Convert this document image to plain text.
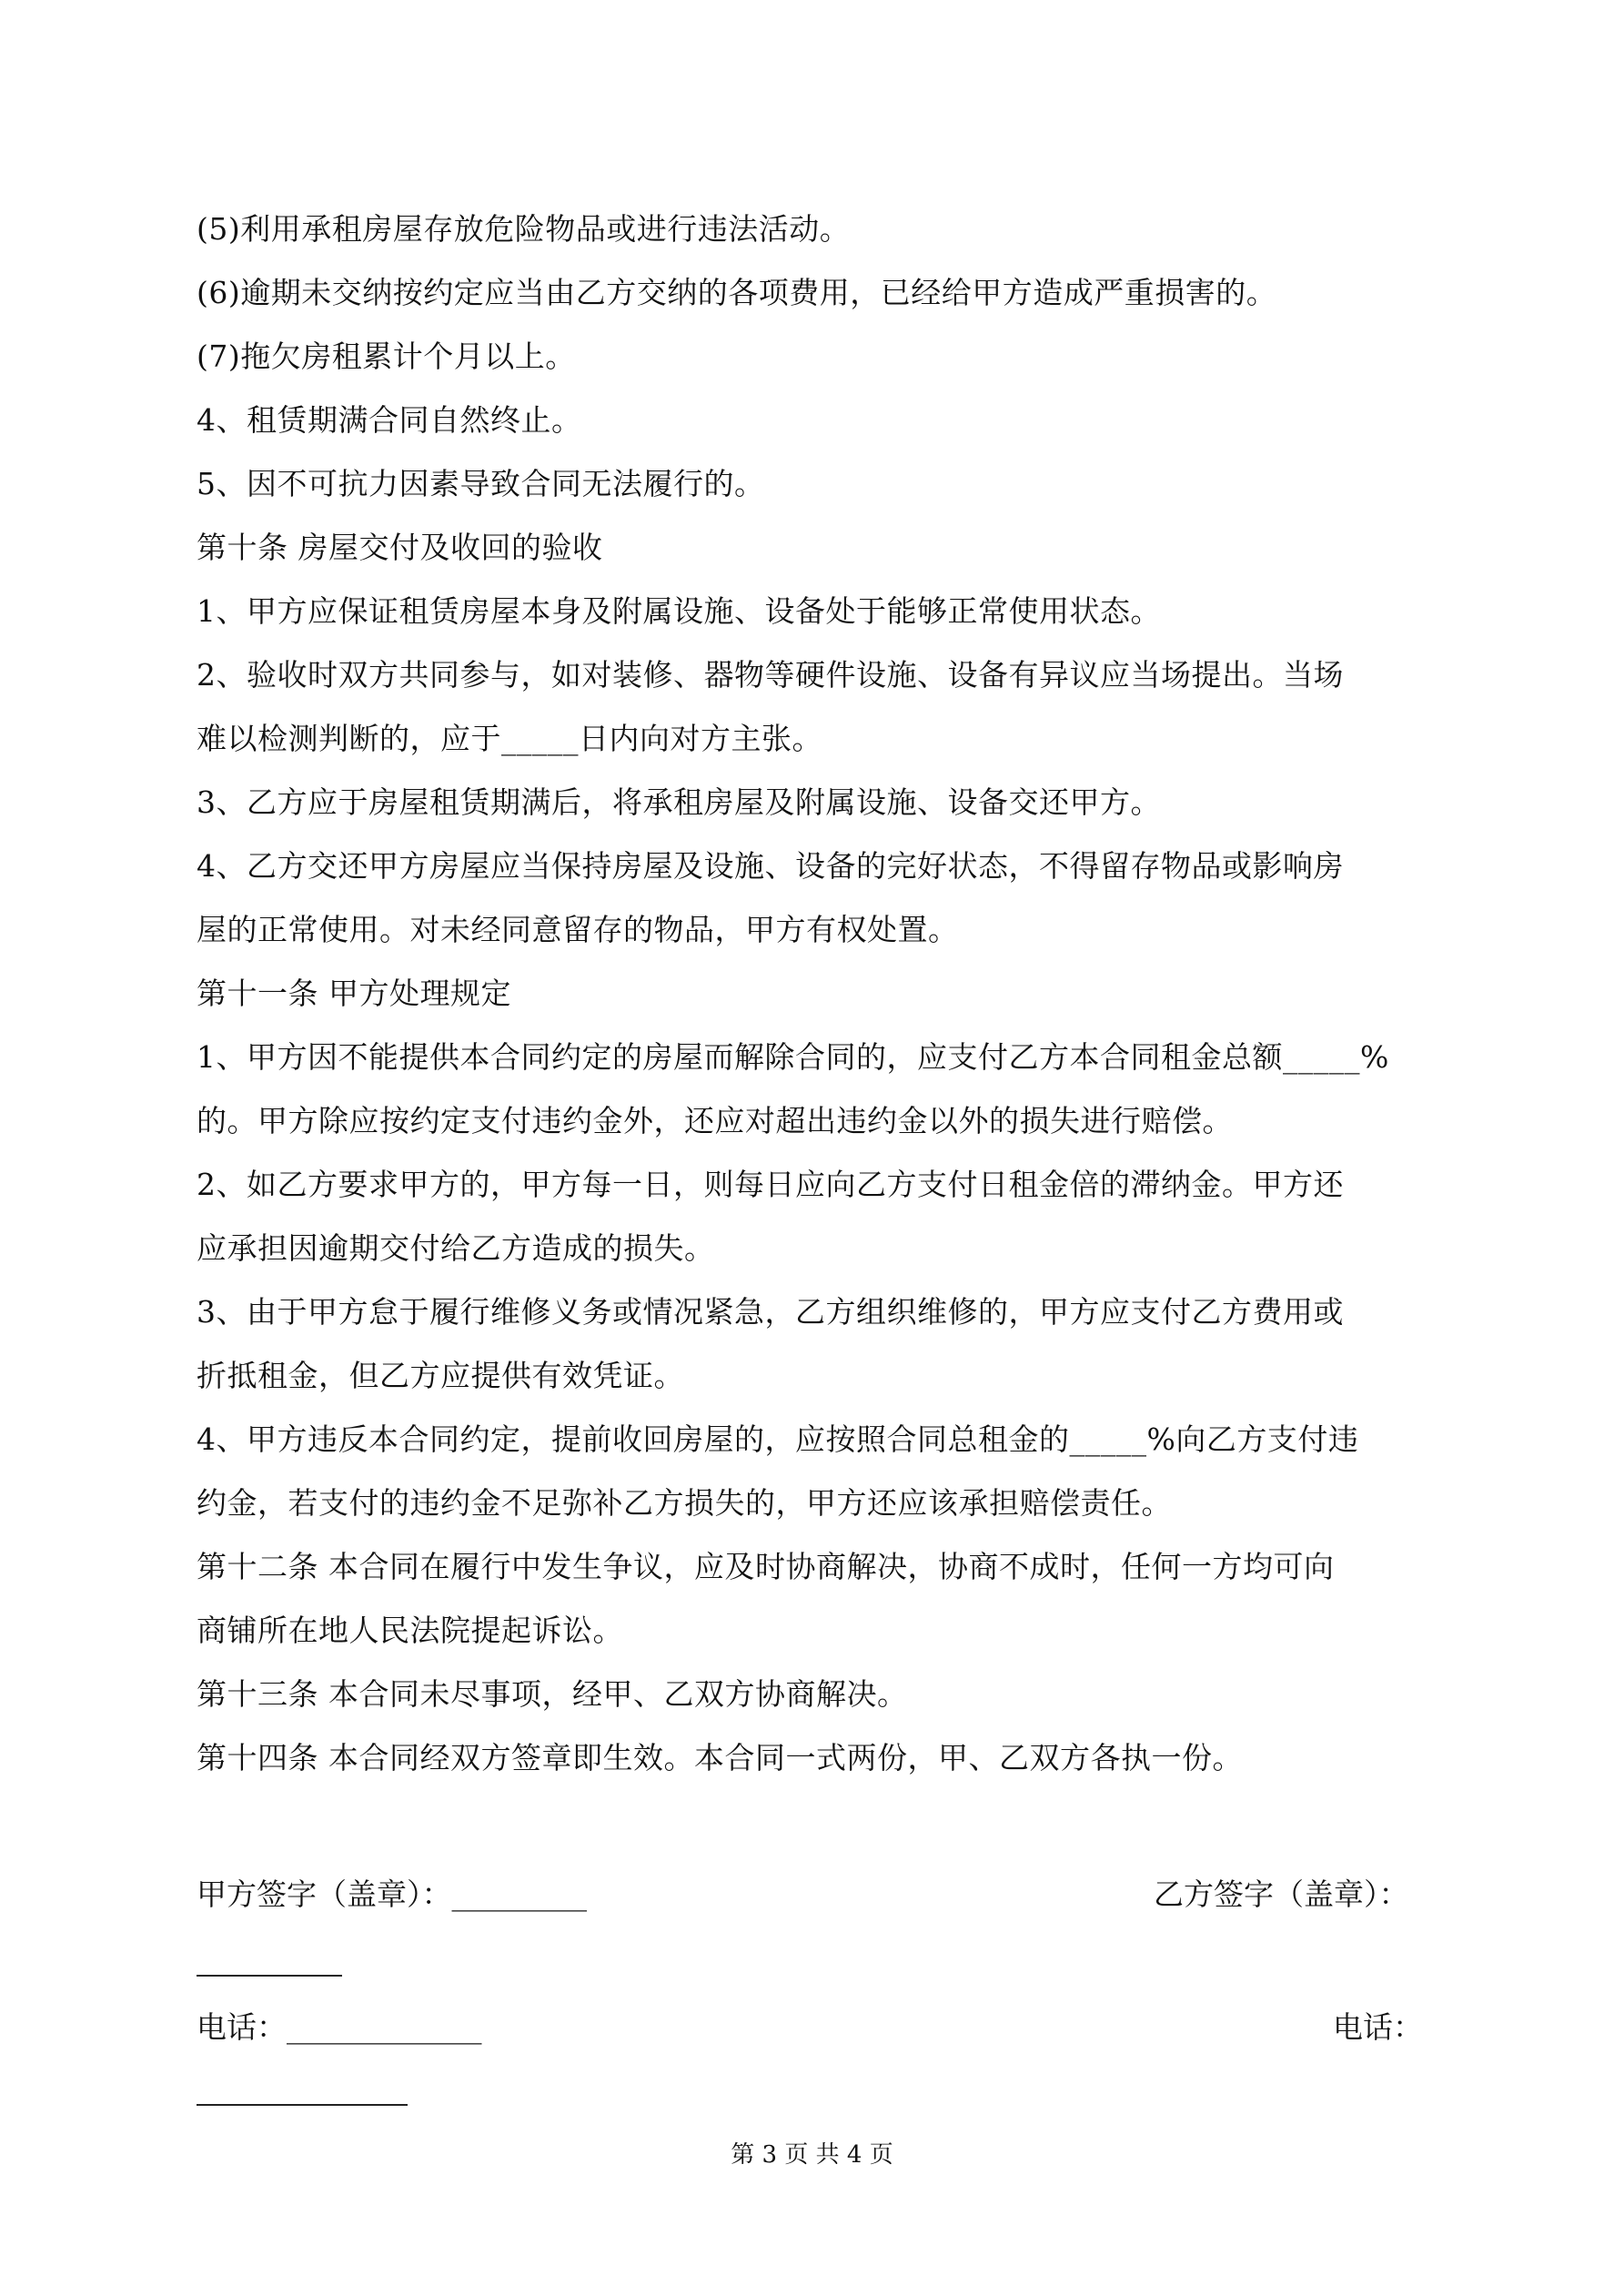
(5)利用承租房屋存放危险物品或进行违法活动。
(6)逾期未交纳按约定应当由乙方交纳的各项费用，已经给甲方造成严重损害的。
(7)拖欠房租累计个月以上。
4、租赁期满合同自然终止。
5、因不可抗力因素导致合同无法履行的。
第十条 房屋交付及收回的验收
1、甲方应保证租赁房屋本身及附属设施、设备处于能够正常使用状态。
2、验收时双方共同参与，如对装修、器物等硬件设施、设备有异议应当场提出。当场
难以检测判断的，应于_____日内向对方主张。
3、乙方应于房屋租赁期满后，将承租房屋及附属设施、设备交还甲方。
4、乙方交还甲方房屋应当保持房屋及设施、设备的完好状态，不得留存物品或影响房
屋的正常使用。对未经同意留存的物品，甲方有权处置。
第十一条 甲方处理规定
1、甲方因不能提供本合同约定的房屋而解除合同的，应支付乙方本合同租金总额_____%
的。甲方除应按约定支付违约金外，还应对超出违约金以外的损失进行赔偿。
2、如乙方要求甲方的，甲方每一日，则每日应向乙方支付日租金倍的滞纳金。甲方还
应承担因逾期交付给乙方造成的损失。
3、由于甲方怠于履行维修义务或情况紧急，乙方组织维修的，甲方应支付乙方费用或
折抵租金，但乙方应提供有效凭证。
4、甲方违反本合同约定，提前收回房屋的，应按照合同总租金的_____%向乙方支付违
约金，若支付的违约金不足弥补乙方损失的，甲方还应该承担赔偿责任。
第十二条 本合同在履行中发生争议，应及时协商解决，协商不成时，任何一方均可向
商铺所在地人民法院提起诉讼。
第十三条 本合同未尽事项，经甲、乙双方协商解决。
第十四条 本合同经双方签章即生效。本合同一式两份，甲、乙双方各执一份。
甲方签字（盖章）：_________	乙方签字（盖章）：
电话：_____________	电话：
第 3 页 共 4 页
